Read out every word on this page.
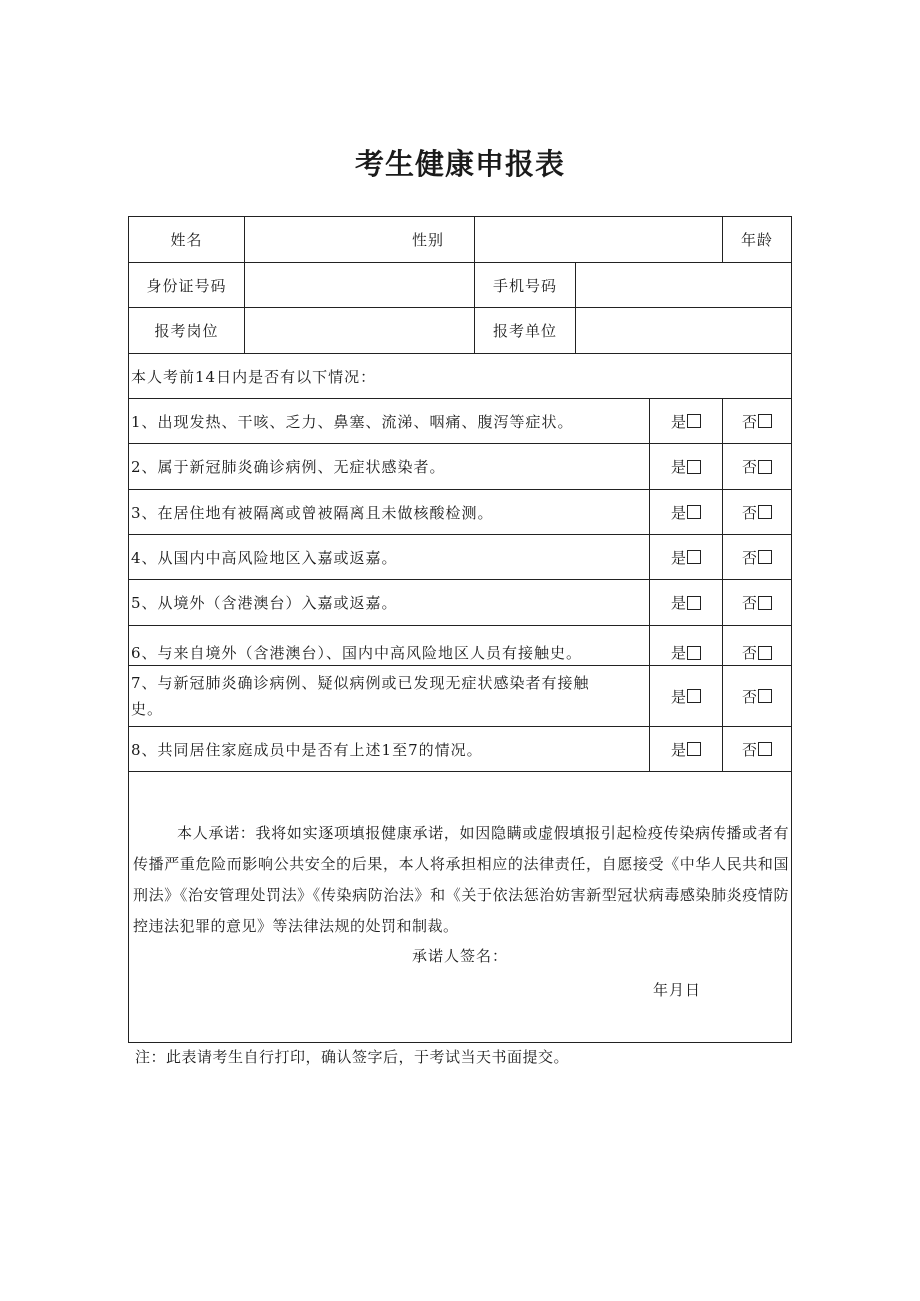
考生健康申报表
姓名	性别				年龄
身份证号码		手机号码			
报考岗位		报考单位			
本人考前14日内是否有以下情况：					
1、出现发热、干咳、乏力、鼻塞、流涕、咽痛、腹泻等症状。				是	否
2、属于新冠肺炎确诊病例、无症状感染者。				是	否
3、在居住地有被隔离或曾被隔离且未做核酸检测。				是	否
4、从国内中高风险地区入嘉或返嘉。				是	否
5、从境外（含港澳台）入嘉或返嘉。				是	否
6、与来自境外（含港澳台）、国内中高风险地区人员有接触史。				是	否
7、与新冠肺炎确诊病例、疑似病例或已发现无症状感染者有接触史。				是	否
8、共同居住家庭成员中是否有上述1至7的情况。				是	否

本人承诺：我将如实逐项填报健康承诺，如因隐瞒或虚假填报引起检疫传染病传播或者有传播严重危险而影响公共安全的后果，本人将承担相应的法律责任，自愿接受《中华人民共和国刑法》《治安管理处罚法》《传染病防治法》和《关于依法惩治妨害新型冠状病毒感染肺炎疫情防控违法犯罪的意见》等法律法规的处罚和制裁。
承诺人签名：
年月日					
注：此表请考生自行打印，确认签字后，于考试当天书面提交。
